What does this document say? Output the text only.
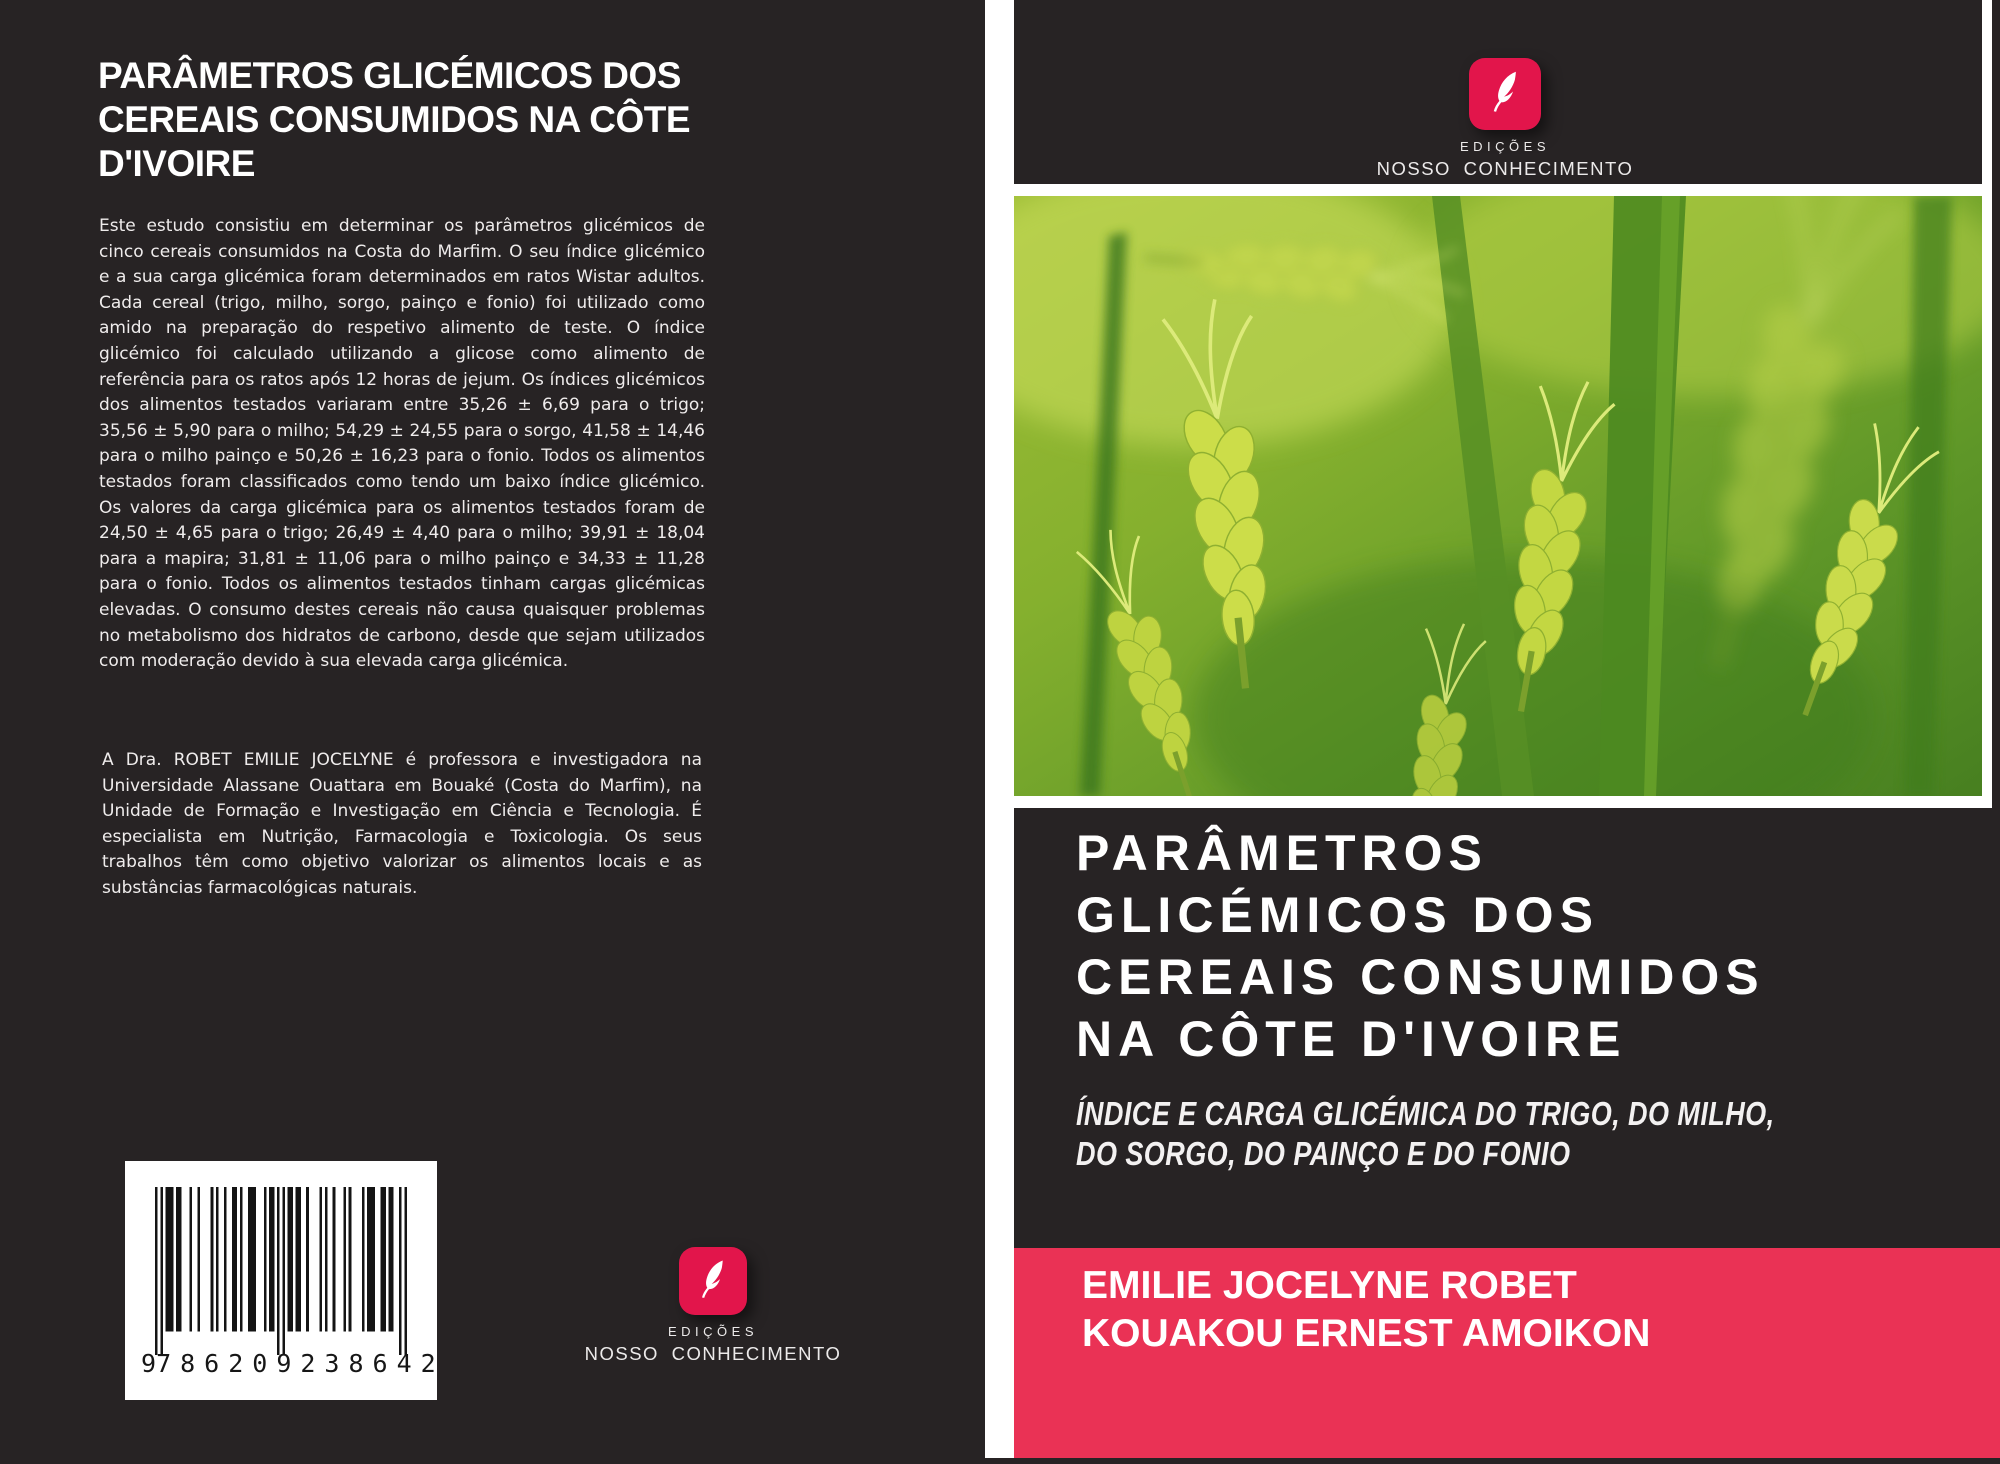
PARÂMETROS GLICÉMICOS DOS
CEREAIS CONSUMIDOS NA CÔTE
D'IVOIRE

Este estudo consistiu em determinar os parâmetros glicémicos de cinco cereais consumidos na Costa do Marfim. O seu índice glicémico e a sua carga glicémica foram determinados em ratos Wistar adultos. Cada cereal (trigo, milho, sorgo, painço e fonio) foi utilizado como amido na preparação do respetivo alimento de teste. O índice glicémico foi calculado utilizando a glicose como alimento de referência para os ratos após 12 horas de jejum. Os índices glicémicos dos alimentos testados variaram entre 35,26 ± 6,69 para o trigo; 35,56 ± 5,90 para o milho; 54,29 ± 24,55 para o sorgo, 41,58 ± 14,46 para o milho painço e 50,26 ± 16,23 para o fonio. Todos os alimentos testados foram classificados como tendo um baixo índice glicémico. Os valores da carga glicémica para os alimentos testados foram de 24,50 ± 4,65 para o trigo; 26,49 ± 4,40 para o milho; 39,91 ± 18,04 para a mapira; 31,81 ± 11,06 para o milho painço e 34,33 ± 11,28 para o fonio. Todos os alimentos testados tinham cargas glicémicas elevadas. O consumo destes cereais não causa quaisquer problemas no metabolismo dos hidratos de carbono, desde que sejam utilizados com moderação devido à sua elevada carga glicémica.

A Dra. ROBET EMILIE JOCELYNE é professora e investigadora na Universidade Alassane Ouattara em Bouaké (Costa do Marfim), na Unidade de Formação e Investigação em Ciência e Tecnologia. É especialista em Nutrição, Farmacologia e Toxicologia. Os seus trabalhos têm como objetivo valorizar os alimentos locais e as substâncias farmacológicas naturais.

9 786209 238642
EDIÇÕES
NOSSO CONHECIMENTO
EDIÇÕES
NOSSO CONHECIMENTO
PARÂMETROS
GLICÉMICOS DOS
CEREAIS CONSUMIDOS
NA CÔTE D'IVOIRE

ÍNDICE E CARGA GLICÉMICA DO TRIGO, DO MILHO,
DO SORGO, DO PAINÇO E DO FONIO

EMILIE JOCELYNE ROBET

KOUAKOU ERNEST AMOIKON
